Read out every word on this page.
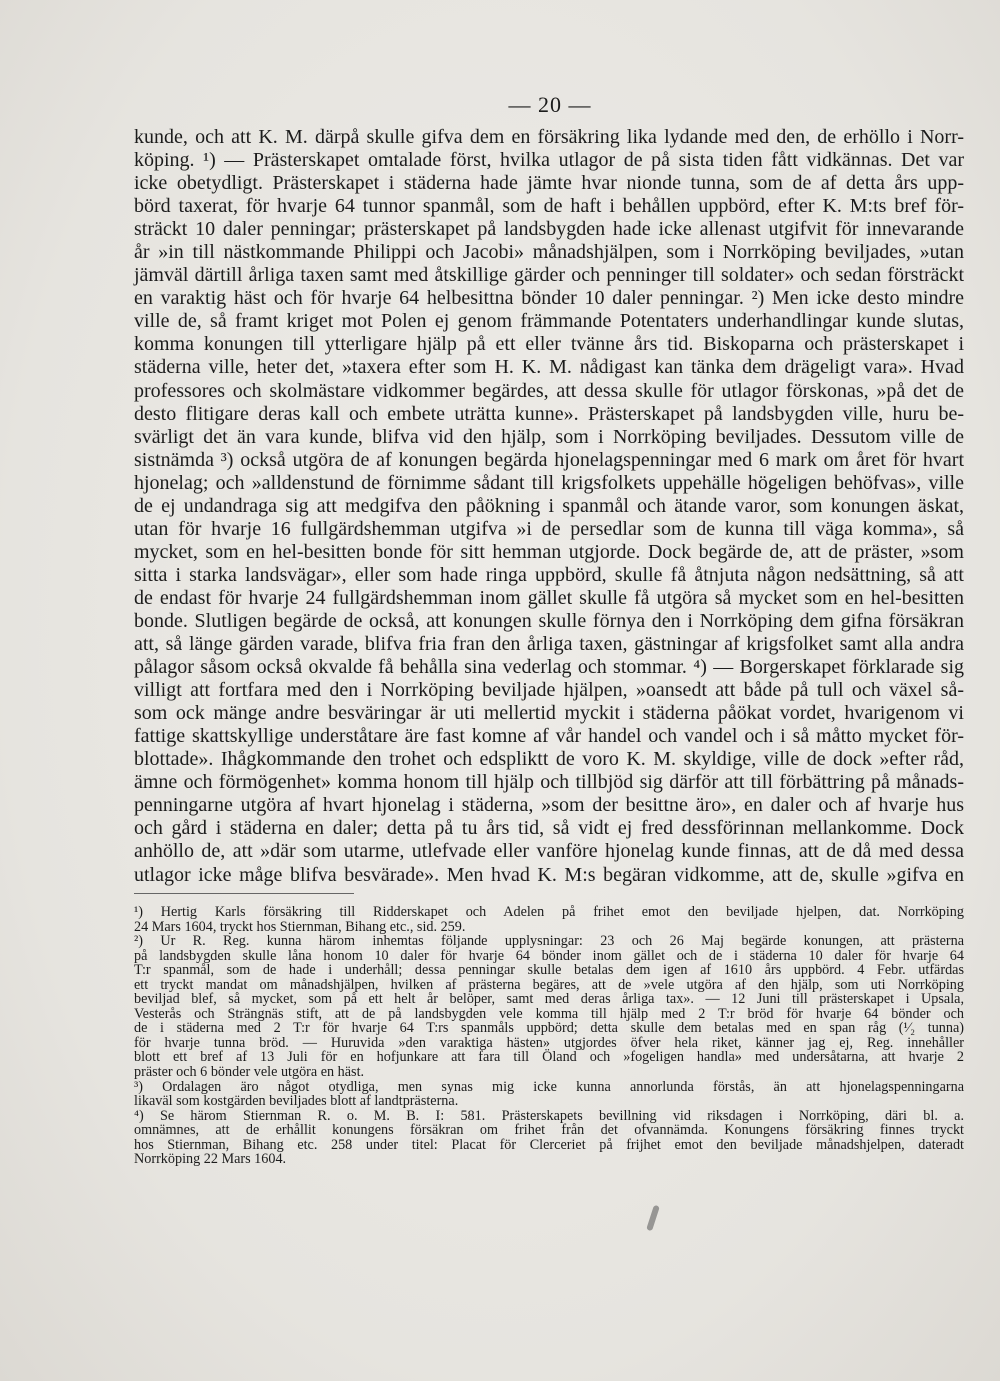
— 20 —
kunde, och att K. M. därpå skulle gifva dem en försäkring lika lydande med den, de erhöllo i Norr-
köping. ¹) — Prästerskapet omtalade först, hvilka utlagor de på sista tiden fått vidkännas. Det var
icke obetydligt. Prästerskapet i städerna hade jämte hvar nionde tunna, som de af detta års upp-
börd taxerat, för hvarje 64 tunnor spanmål, som de haft i behållen uppbörd, efter K. M:ts bref för-
sträckt 10 daler penningar; prästerskapet på landsbygden hade icke allenast utgifvit för innevarande
år »in till nästkommande Philippi och Jacobi» månadshjälpen, som i Norrköping beviljades, »utan
jämväl därtill årliga taxen samt med åtskillige gärder och penninger till soldater» och sedan försträckt
en varaktig häst och för hvarje 64 helbesittna bönder 10 daler penningar. ²) Men icke desto mindre
ville de, så framt kriget mot Polen ej genom främmande Potentaters underhandlingar kunde slutas,
komma konungen till ytterligare hjälp på ett eller tvänne års tid. Biskoparna och prästerskapet i
städerna ville, heter det, »taxera efter som H. K. M. nådigast kan tänka dem drägeligt vara». Hvad
professores och skolmästare vidkommer begärdes, att dessa skulle för utlagor förskonas, »på det de
desto flitigare deras kall och embete uträtta kunne». Prästerskapet på landsbygden ville, huru be-
svärligt det än vara kunde, blifva vid den hjälp, som i Norrköping beviljades. Dessutom ville de
sistnämda ³) också utgöra de af konungen begärda hjonelagspenningar med 6 mark om året för hvart
hjonelag; och »alldenstund de förnimme sådant till krigsfolkets uppehälle högeligen behöfvas», ville
de ej undandraga sig att medgifva den påökning i spanmål och ätande varor, som konungen äskat,
utan för hvarje 16 fullgärdshemman utgifva »i de persedlar som de kunna till väga komma», så
mycket, som en hel-besitten bonde för sitt hemman utgjorde. Dock begärde de, att de präster, »som
sitta i starka landsvägar», eller som hade ringa uppbörd, skulle få åtnjuta någon nedsättning, så att
de endast för hvarje 24 fullgärdshemman inom gället skulle få utgöra så mycket som en hel-besitten
bonde. Slutligen begärde de också, att konungen skulle förnya den i Norrköping dem gifna försäkran
att, så länge gärden varade, blifva fria fran den årliga taxen, gästningar af krigsfolket samt alla andra
pålagor såsom också okvalde få behålla sina vederlag och stommar. ⁴) — Borgerskapet förklarade sig
villigt att fortfara med den i Norrköping beviljade hjälpen, »oansedt att både på tull och växel så-
som ock mänge andre besväringar är uti mellertid myckit i städerna påökat vordet, hvarigenom vi
fattige skattskyllige underståtare äre fast komne af vår handel och vandel och i så måtto mycket för-
blottade». Ihågkommande den trohet och edspliktt de voro K. M. skyldige, ville de dock »efter råd,
ämne och förmögenhet» komma honom till hjälp och tillbjöd sig därför att till förbättring på månads-
penningarne utgöra af hvart hjonelag i städerna, »som der besittne äro», en daler och af hvarje hus
och gård i städerna en daler; detta på tu års tid, så vidt ej fred dessförinnan mellankomme. Dock
anhöllo de, att »där som utarme, utlefvade eller vanföre hjonelag kunde finnas, att de då med dessa
utlagor icke måge blifva besvärade». Men hvad K. M:s begäran vidkomme, att de, skulle »gifva en
¹) Hertig Karls försäkring till Ridderskapet och Adelen på frihet emot den beviljade hjelpen, dat. Norrköping
24 Mars 1604, tryckt hos Stiernman, Bihang etc., sid. 259.
²) Ur R. Reg. kunna härom inhemtas följande upplysningar: 23 och 26 Maj begärde konungen, att prästerna
på landsbygden skulle låna honom 10 daler för hvarje 64 bönder inom gället och de i städerna 10 daler för hvarje 64
T:r spanmål, som de hade i underhåll; dessa penningar skulle betalas dem igen af 1610 års uppbörd. 4 Febr. utfärdas
ett tryckt mandat om månadshjälpen, hvilken af prästerna begäres, att de »vele utgöra af den hjälp, som uti Norrköping
beviljad blef, så mycket, som på ett helt år belöper, samt med deras årliga tax». — 12 Juni till prästerskapet i Upsala,
Vesterås och Strängnäs stift, att de på landsbygden vele komma till hjälp med 2 T:r bröd för hvarje 64 bönder och
de i städerna med 2 T:r för hvarje 64 T:rs spanmåls uppbörd; detta skulle dem betalas med en span råg (¹⁄₂ tunna)
för hvarje tunna bröd. — Huruvida »den varaktiga hästen» utgjordes öfver hela riket, känner jag ej, Reg. innehåller
blott ett bref af 13 Juli för en hofjunkare att fara till Öland och »fogeligen handla» med undersåtarna, att hvarje 2
präster och 6 bönder vele utgöra en häst.
³) Ordalagen äro något otydliga, men synas mig icke kunna annorlunda förstås, än att hjonelagspenningarna
likaväl som kostgärden beviljades blott af landtprästerna.
⁴) Se härom Stiernman R. o. M. B. I: 581. Prästerskapets bevillning vid riksdagen i Norrköping, däri bl. a.
omnämnes, att de erhållit konungens försäkran om frihet från det ofvannämda. Konungens försäkring finnes tryckt
hos Stiernman, Bihang etc. 258 under titel: Placat för Clerceriet på frijhet emot den beviljade månadshjelpen, dateradt
Norrköping 22 Mars 1604.
